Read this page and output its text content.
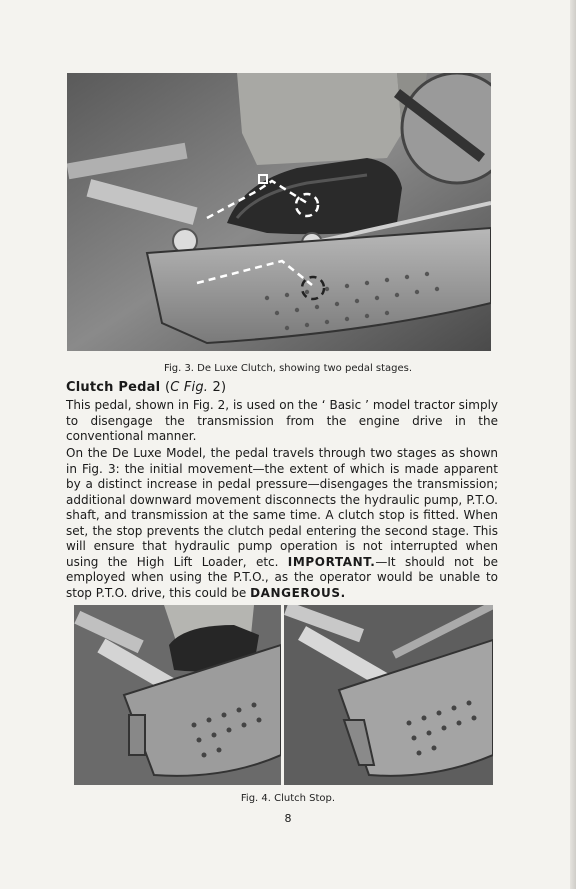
Fig. 3. De Luxe Clutch, showing two pedal stages.
Clutch Pedal (C Fig. 2)

This pedal, shown in Fig. 2, is used on the ‘ Basic ’ model tractor simply to disengage the transmission from the engine drive in the conventional manner.

On the De Luxe Model, the pedal travels through two stages as shown in Fig. 3: the initial movement—the extent of which is made apparent by a distinct increase in pedal pressure—disengages the transmission; additional downward movement disconnects the hydraulic pump, P.T.O. shaft, and transmission at the same time. A clutch stop is fitted. When set, the stop prevents the clutch pedal entering the second stage. This will ensure that hydraulic pump operation is not interrupted when using the High Lift Loader, etc. IMPORTANT.—It should not be employed when using the P.T.O., as the operator would be unable to stop P.T.O. drive, this could be DANGEROUS.

Fig. 4. Clutch Stop.
8
